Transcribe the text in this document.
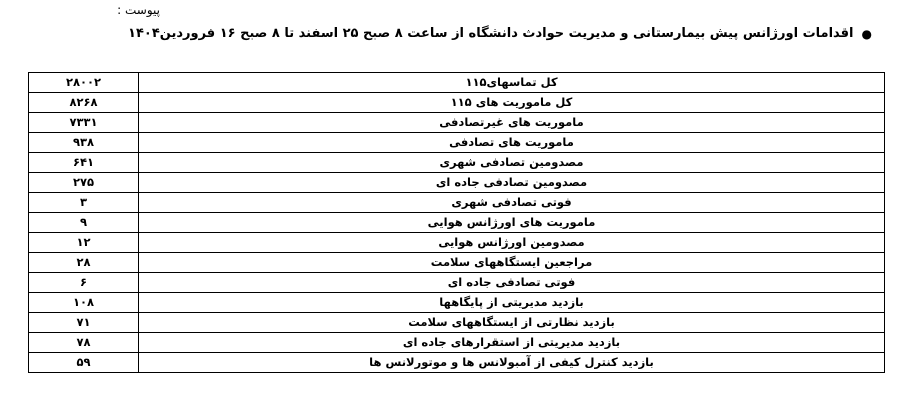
پیوست :
●
اقدامات اورژانس پیش بیمارستانی و مدیریت حوادث دانشگاه از ساعت ۸ صبح ۲۵ اسفند تا ۸ صبح ۱۶ فروردین۱۴۰۴
کل تماسهای۱۱۵	۲۸۰۰۲
کل ماموریت های ۱۱۵	۸۲۶۸
ماموریت های غیرتصادفی	۷۳۳۱
ماموریت های تصادفی	۹۳۸
مصدومین تصادفی شهری	۶۴۱
مصدومین تصادفی جاده ای	۲۷۵
فوتی تصادفی شهری	۳
ماموریت های اورژانس هوایی	۹
مصدومین اورژانس هوایی	۱۲
مراجعین ایستگاههای سلامت	۲۸
فوتی تصادفی جاده ای	۶
بازدید مدیریتی از پایگاهها	۱۰۸
بازدید نظارتی از ایستگاههای سلامت	۷۱
بازدید مدیریتی از استقرارهای جاده ای	۷۸
بازدید کنترل کیفی از آمبولانس ها و موتورلانس ها	۵۹
